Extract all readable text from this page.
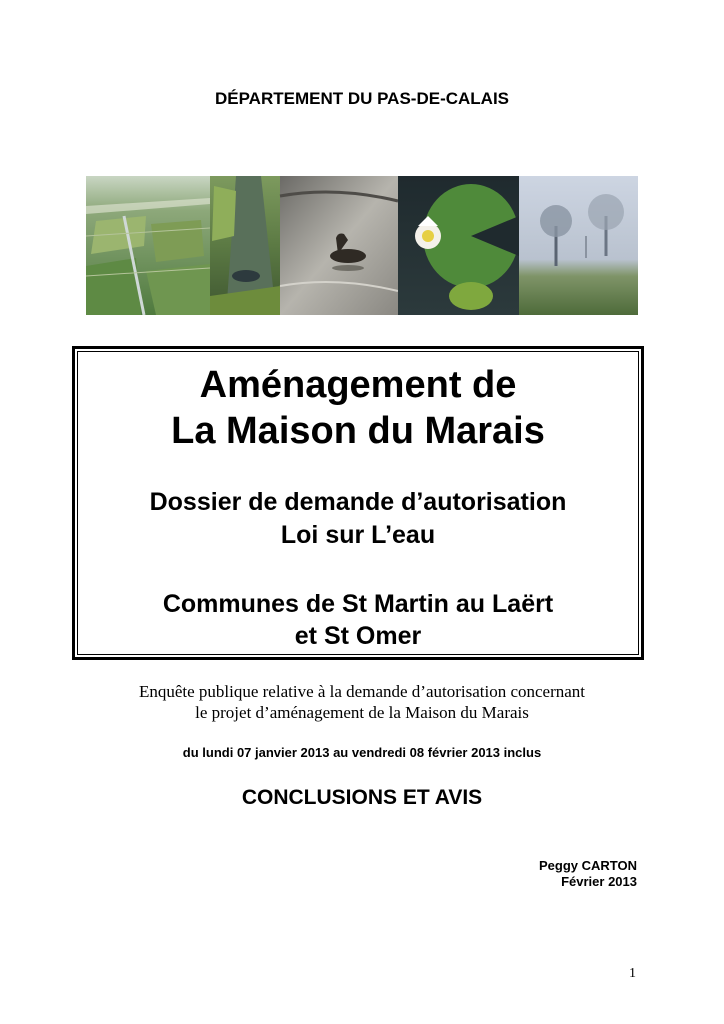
DÉPARTEMENT DU PAS-DE-CALAIS
Aménagement de
La Maison du Marais
Dossier de demande d’autorisation
Loi sur L’eau
Communes de St Martin au Laërt
et St Omer
Enquête publique relative à la demande d’autorisation concernant
le projet d’aménagement de la Maison du Marais
du lundi 07 janvier 2013 au vendredi 08 février 2013 inclus
CONCLUSIONS ET AVIS
Peggy CARTON
Février 2013
1
